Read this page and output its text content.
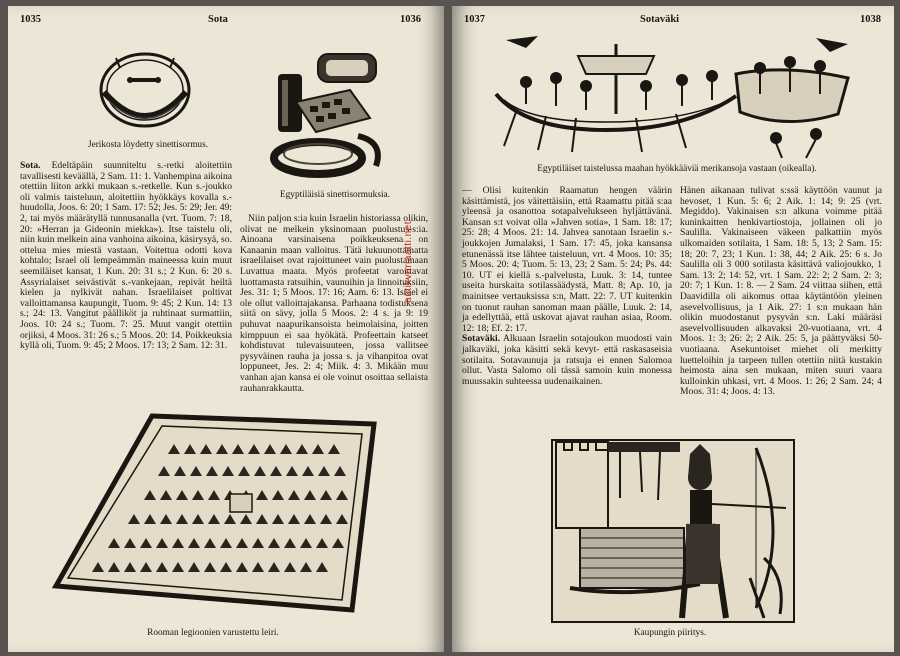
1035	Sota	1036
Jerikosta löydetty sinettisormus.
Egyptiläisiä sinettisormuksia.

Sota. Edeltäpäin suunniteltu s.-retki aloitettiin tavallisesti keväällä, 2 Sam. 11: 1. Vanhempina aikoina otettiin liiton arkki mukaan s.-retkelle. Kun s.-joukko oli valmis taisteluun, aloitettiin hyökkäys kovalla s.-huudolla, Joos. 6: 20; 1 Sam. 17: 52; Jes. 5: 29; Jer. 49: 2, tai myös määrätyllä tunnusanalla (vrt. Tuom. 7: 18, 20: »Herran ja Gideonin miekka»). Itse taistelu oli, niin kuin melkein aina vanhoina aikoina, käsirysyä, so. ottelua mies miestä vastaan. Voitettua odotti kova kohtalo; Israel oli lempeämmän maineessa kuin muut seemiläiset kansat, 1 Kun. 20: 31 s.; 2 Kun. 6: 20 s. Assyrialaiset seivästivät s.-vankejaan, repivät heiltä kielen ja nylkivät nahan. Israelilaiset poltivat valloittamansa kaupungit, Tuom. 9: 45; 2 Kun. 14: 13 s.; 24: 13. Vangitut päälliköt ja ruhtinaat surmattiin, Joos. 10: 24 s.; Tuom. 7: 25. Muut vangit otettiin orjiksi, 4 Moos. 31: 26 s.; 5 Moos. 20: 14. Poikkeuksia kyllä oli, Tuom. 9: 45; 2 Moos. 17: 13; 2 Sam. 12: 31.

Niin paljon s:ia kuin Israelin historiassa olikin, olivat ne melkein yksinomaan puolustus-s:ia. Ainoana varsinaisena poikkeuksena on Kanaanin maan valloitus. Tätä lukuunottamatta israelilaiset ovat rajoittuneet vain puolustamaan Luvattua maata. Myös profeetat varoittavat luottamasta ratsuihin, vaunuihin ja linnoituksiin, Jes. 31: 1; 5 Moos. 17: 16; Aam. 6: 13. Israel ei ole ollut valloittajakansa. Parhaana todistuksena siitä on sävy, jolla 5 Moos. 2: 4 s. ja 9: 19 puhuvat naapurikansoista heimolaisina, joitten kimppuun ei saa hyökätä. Profeettain katseet kohdistuvat tulevaisuuteen, jossa vallitsee pysyväinen rauha ja jossa s. ja vihanpitoa ovat loppuneet, Jes. 2: 4; Miik. 4: 3. Mikään muu vanhan ajan kansa ei ole voinut osoittaa sellaista rauhanrakkautta.

Rooman legioonien varustettu leiri.
antikvariaatti.net
1037	Sotaväki	1038
Egyptiläiset taistelussa maahan hyökkääviä merikansoja vastaan (oikealla).

— Olisi kuitenkin Raamatun hengen väärin käsittämistä, jos väitettäisiin, että Raamattu pitää s:aa yleensä ja osanottoa sotapalvelukseen hyljättävänä. Kansan s:t voivat olla »Jahven sotia», 1 Sam. 18: 17; 25: 28; 4 Moos. 21: 14. Jahvea sanotaan Israelin s.-joukkojen Jumalaksi, 1 Sam. 17: 45, joka kansansa etunenässä itse lähtee taisteluun, vrt. 4 Moos. 10: 35; 5 Moos. 20: 4; Tuom. 5: 13, 23; 2 Sam. 5: 24; Ps. 44: 10. UT ei kiellä s.-palvelusta, Luuk. 3: 14, tuntee useita hurskaita sotilassäädystä, Matt. 8; Ap. 10, ja mainitsee vertauksissa s:n, Matt. 22: 7. UT kuitenkin on tuonut rauhan sanoman maan päälle, Luuk. 2: 14, ja edellyttää, että uskovat ajavat rauhan asiaa, Room. 12: 18; Ef. 2: 17.

Sotaväki. Alkuaan Israelin sotajoukon muodosti vain jalkaväki, joka käsitti sekä kevyt- että raskasaseisia sotilaita. Sotavaunuja ja ratsuja ei ennen Salomoa ollut. Vasta Salomo oli tässä samoin kuin monessa muussakin suhteessa uudenaikainen.

Hänen aikanaan tulivat s:ssä käyttöön vaunut ja hevoset, 1 Kun. 5: 6; 2 Aik. 1: 14; 9: 25 (vrt. Megiddo). Vakinaisen s:n alkuna voimme pitää kuninkaitten henkivartiostoja, jollainen oli jo Saulilla. Vakinaiseen väkeen palkattiin myös ulkomaiden sotilaita, 1 Sam. 18: 5, 13; 2 Sam. 15: 18; 20: 7, 23; 1 Kun. 1: 38, 44; 2 Aik. 25: 6 s. Jo Saulilla oli 3 000 sotilasta käsittävä valiojoukko, 1 Sam. 13: 2; 14: 52, vrt. 1 Sam. 22: 2; 2 Sam. 2: 3; 20: 7; 1 Kun. 1: 8. — 2 Sam. 24 viittaa siihen, että Daavidilla oli aikomus ottaa käytäntöön yleinen asevelvollisuus, ja 1 Aik. 27: 1 s:n mukaan hän olikin muodostanut pysyvän s:n. Laki määräsi asevelvollisuuden alkavaksi 20-vuotiaana, vrt. 4 Moos. 1: 3; 26: 2; 2 Aik. 25: 5, ja päättyväksi 50-vuotiaana. Asekuntoiset miehet oli merkitty luetteloihin ja tarpeen tullen otettiin niitä kustakin heimosta aina sen mukaan, miten suuri vaara kulloinkin uhkasi, vrt. 4 Moos. 1: 26; 2 Sam. 24; 4 Moos. 31: 4; Joos. 4: 13.

Kaupungin piiritys.
